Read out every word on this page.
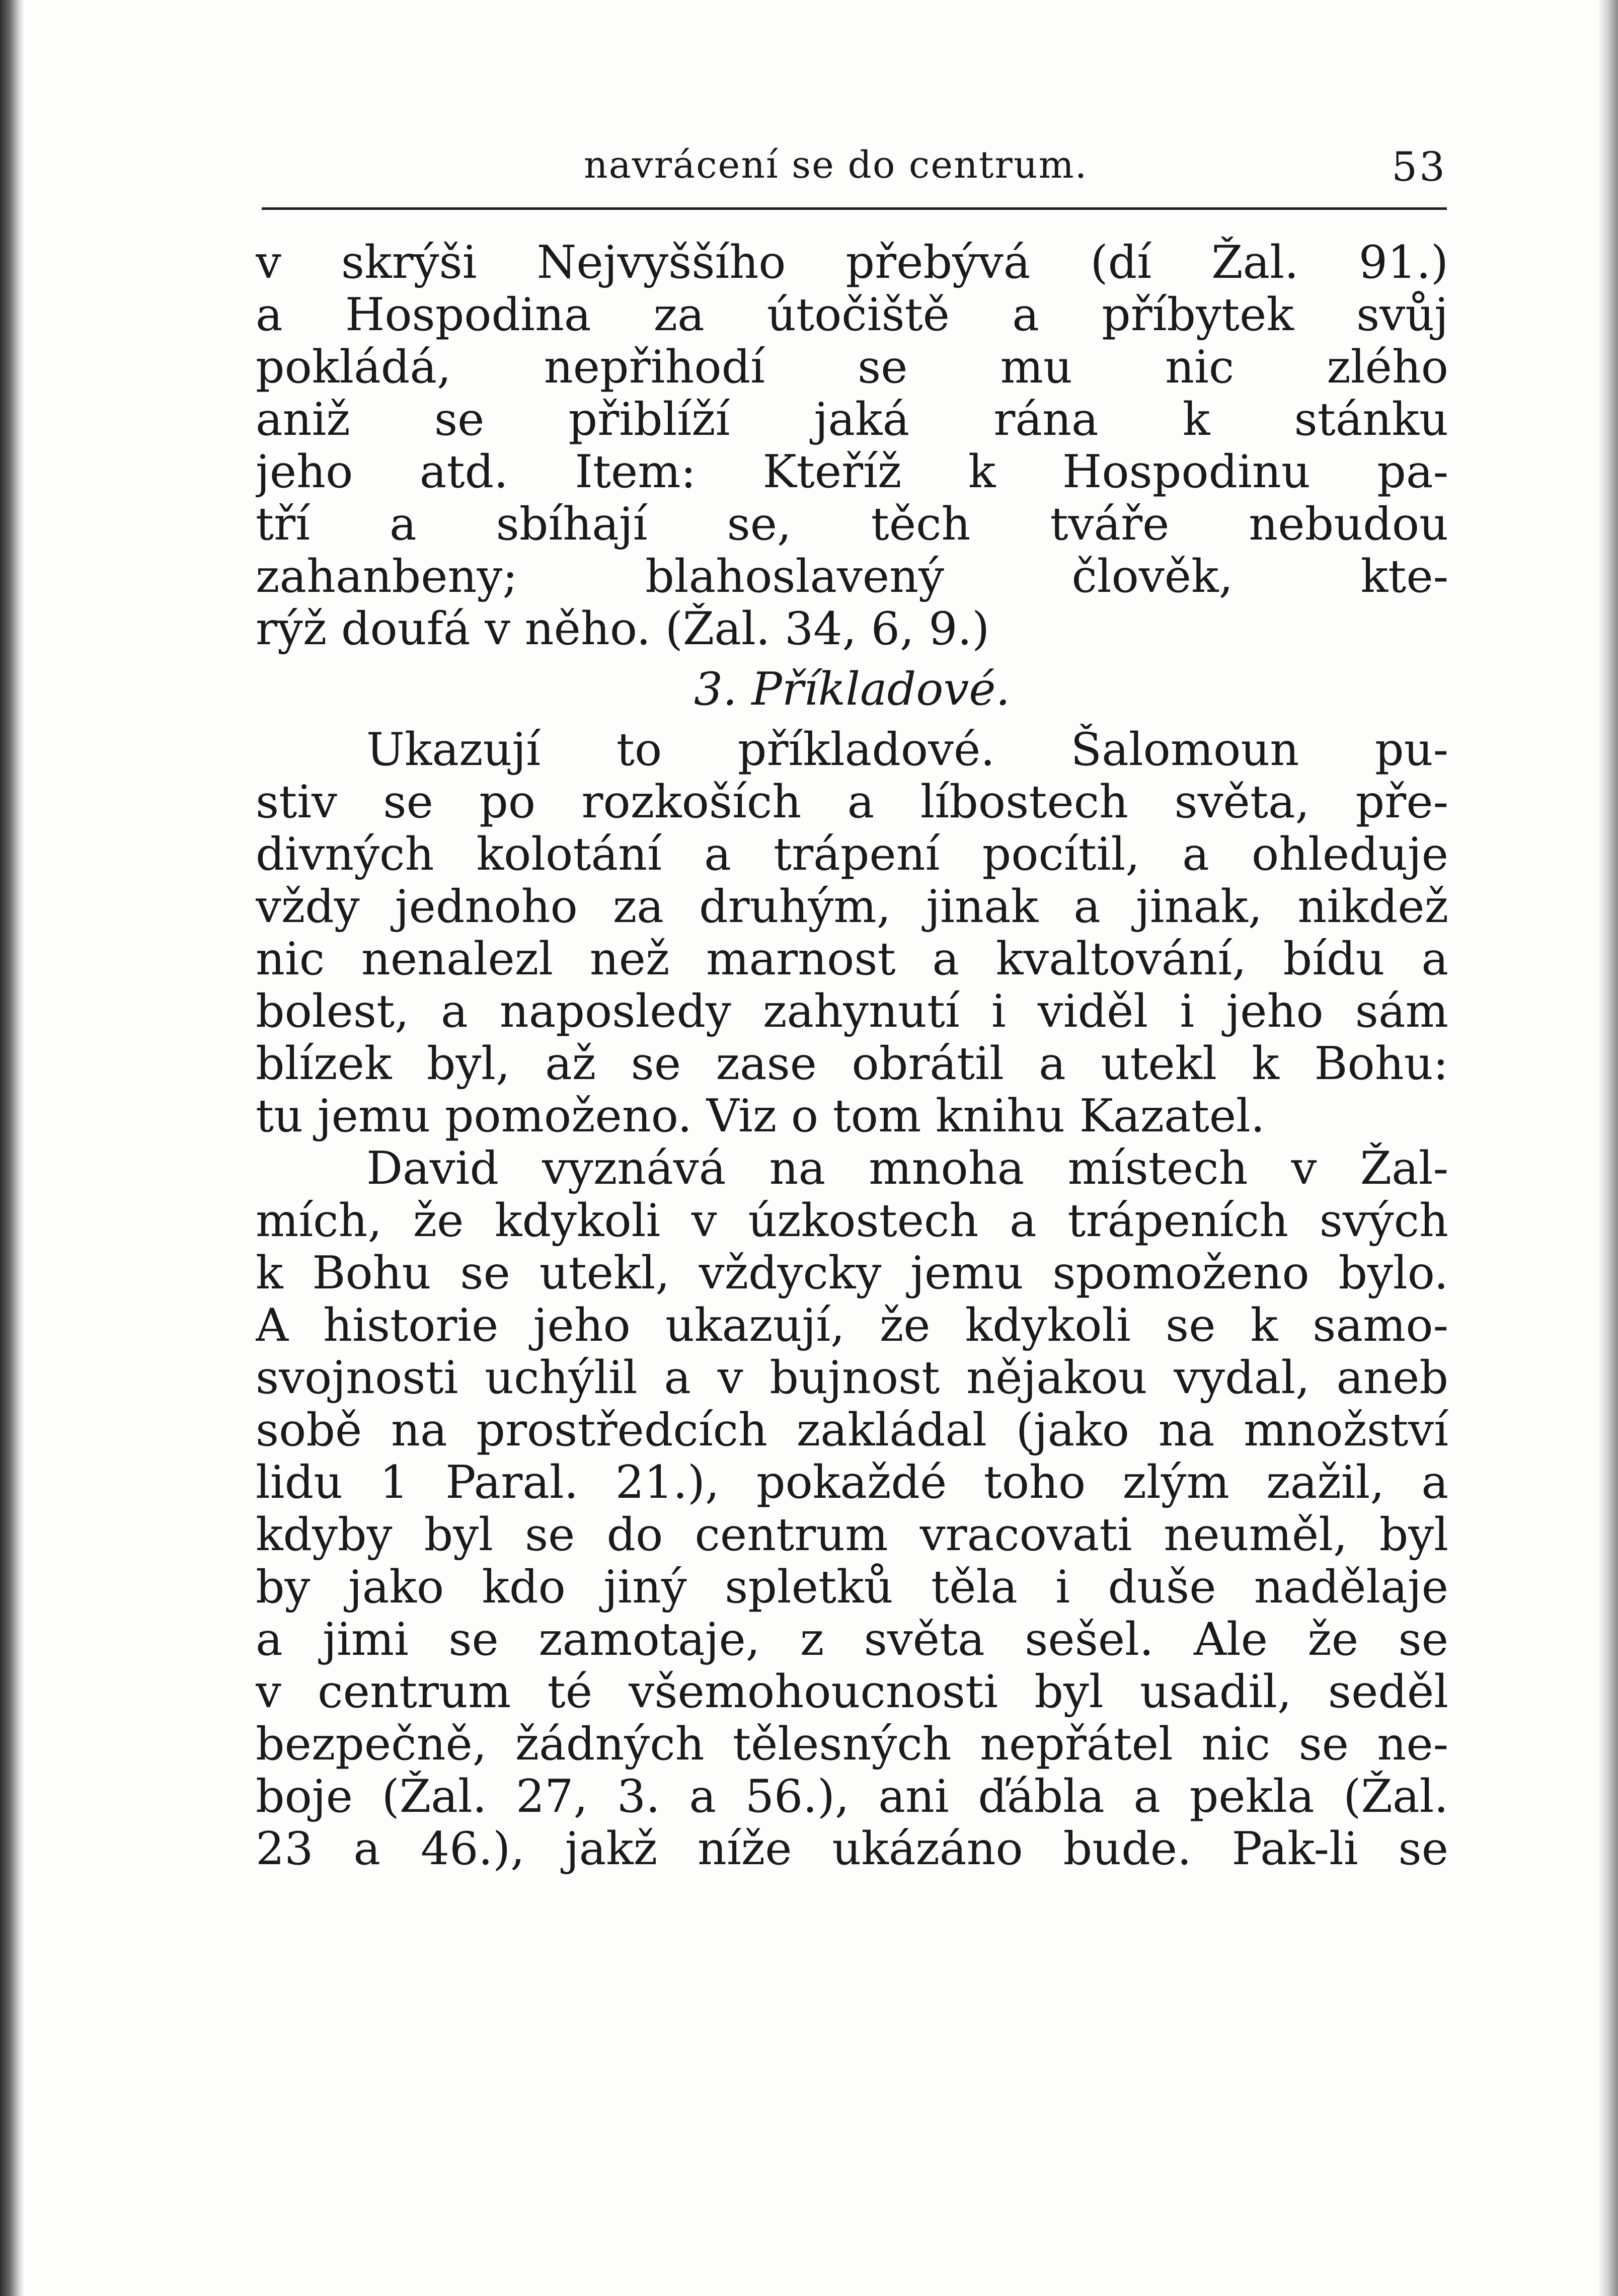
navrácení se do centrum.	53
v skrýši Nejvyššího přebývá (dí Žal. 91.)
a Hospodina za útočiště a příbytek svůj
pokládá, nepřihodí se mu nic zlého
aniž se přiblíží jaká rána k stánku
jeho atd. Item: Kteříž k Hospodinu pa-
tří a sbíhají se, těch tváře nebudou
zahanbeny; blahoslavený člověk, kte-
rýž doufá v něho. (Žal. 34, 6, 9.)
3. Příkladové.
Ukazují to příkladové. Šalomoun pu-
stiv se po rozkoších a líbostech světa, pře-
divných kolotání a trápení pocítil, a ohleduje
vždy jednoho za druhým, jinak a jinak, nikdež
nic nenalezl než marnost a kvaltování, bídu a
bolest, a naposledy zahynutí i viděl i jeho sám
blízek byl, až se zase obrátil a utekl k Bohu:
tu jemu pomoženo. Viz o tom knihu Kazatel.
David vyznává na mnoha místech v Žal-
mích, že kdykoli v úzkostech a trápeních svých
k Bohu se utekl, vždycky jemu spomoženo bylo.
A historie jeho ukazují, že kdykoli se k samo-
svojnosti uchýlil a v bujnost nějakou vydal, aneb
sobě na prostředcích zakládal (jako na množství
lidu 1 Paral. 21.), pokaždé toho zlým zažil, a
kdyby byl se do centrum vracovati neuměl, byl
by jako kdo jiný spletků těla i duše nadělaje
a jimi se zamotaje, z světa sešel. Ale že se
v centrum té všemohoucnosti byl usadil, seděl
bezpečně, žádných tělesných nepřátel nic se ne-
boje (Žal. 27, 3. a 56.), ani ďábla a pekla (Žal.
23 a 46.), jakž níže ukázáno bude. Pak-li se
